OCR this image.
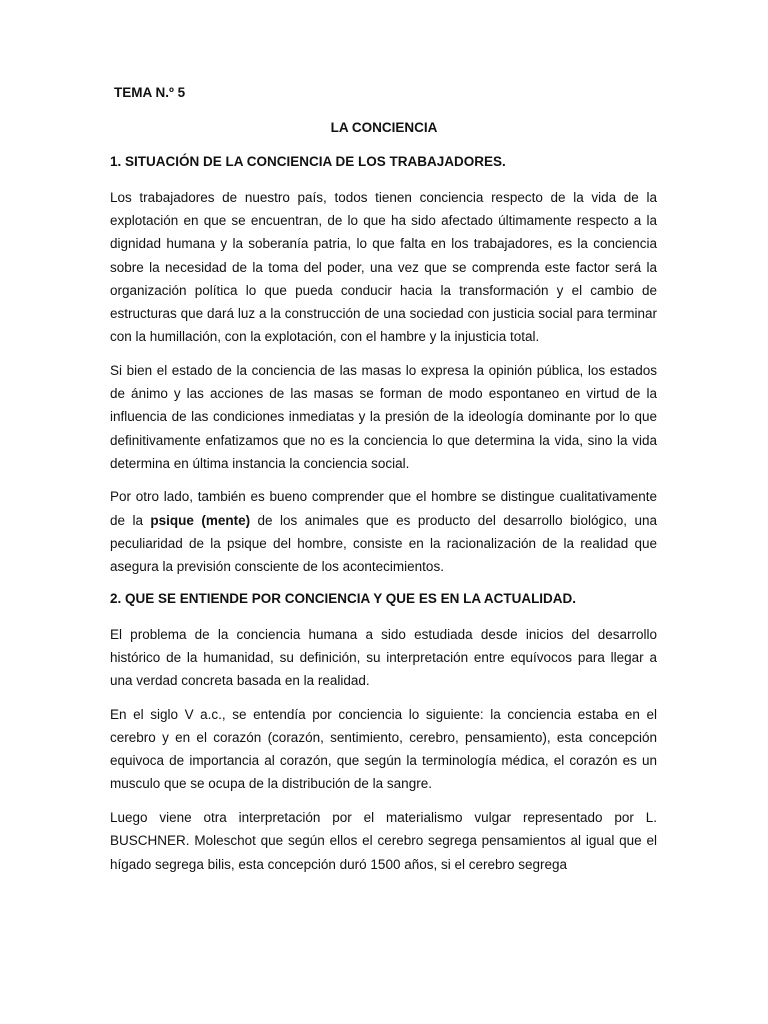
TEMA N.º 5

LA CONCIENCIA

1. SITUACIÓN DE LA CONCIENCIA DE LOS TRABAJADORES.

Los trabajadores de nuestro país, todos tienen conciencia respecto de la vida de la explotación en que se encuentran, de lo que ha sido afectado últimamente respecto a la dignidad humana y la soberanía patria, lo que falta en los trabajadores, es la conciencia sobre la necesidad de la toma del poder, una vez que se comprenda este factor será la organización política lo que pueda conducir hacia la transformación y el cambio de estructuras que dará luz a la construcción de una sociedad con justicia social para terminar con la humillación, con la explotación, con el hambre y la injusticia total.

Si bien el estado de la conciencia de las masas lo expresa la opinión pública, los estados de ánimo y las acciones de las masas se forman de modo espontaneo en virtud de la influencia de las condiciones inmediatas y la presión de la ideología dominante por lo que definitivamente enfatizamos que no es la conciencia lo que determina la vida, sino la vida determina en última instancia la conciencia social.

Por otro lado, también es bueno comprender que el hombre se distingue cualitativamente de la psique (mente) de los animales que es producto del desarrollo biológico, una peculiaridad de la psique del hombre, consiste en la racionalización de la realidad que asegura la previsión consciente de los acontecimientos.

2. QUE SE ENTIENDE POR CONCIENCIA Y QUE ES EN LA ACTUALIDAD.

El problema de la conciencia humana a sido estudiada desde inicios del desarrollo histórico de la humanidad, su definición, su interpretación entre equívocos para llegar a una verdad concreta basada en la realidad.

En el siglo V a.c., se entendía por conciencia lo siguiente: la conciencia estaba en el cerebro y en el corazón (corazón, sentimiento, cerebro, pensamiento), esta concepción equivoca de importancia al corazón, que según la terminología médica, el corazón es un musculo que se ocupa de la distribución de la sangre.

Luego viene otra interpretación por el materialismo vulgar representado por L. BUSCHNER. Moleschot que según ellos el cerebro segrega pensamientos al igual que el hígado segrega bilis, esta concepción duró 1500 años, si el cerebro segrega
